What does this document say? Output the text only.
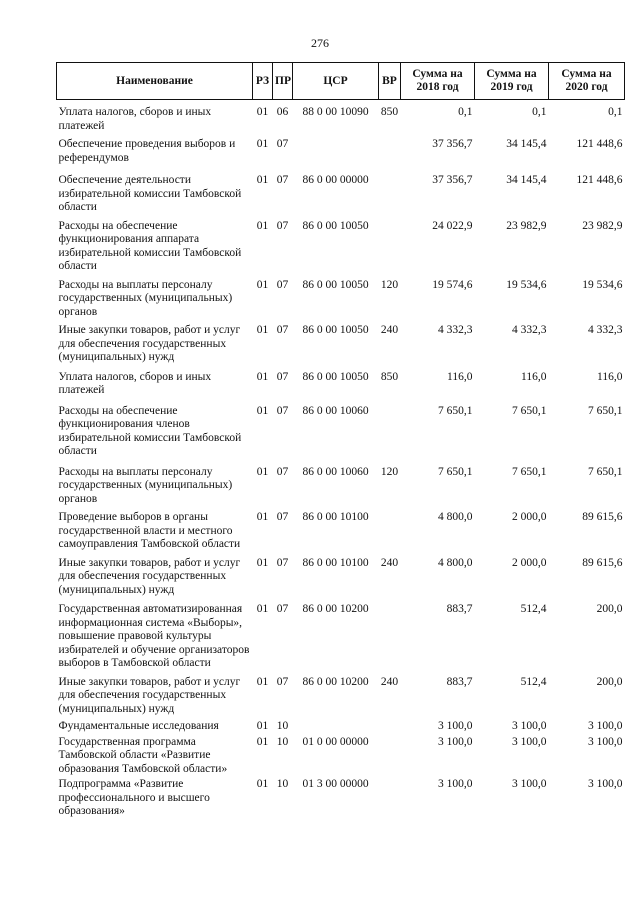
276
Наименование	РЗ	ПР	ЦСР	ВР	Сумма на 2018 год	Сумма на 2019 год	Сумма на 2020 год
Уплата налогов, сборов и иных платежей	01	06	88 0 00 10090	850	0,1	0,1	0,1
Обеспечение проведения выборов и референдумов	01	07			37 356,7	34 145,4	121 448,6
Обеспечение деятельности избирательной комиссии Тамбовской области	01	07	86 0 00 00000		37 356,7	34 145,4	121 448,6
Расходы на обеспечение функционирования аппарата избирательной комиссии Тамбовской области	01	07	86 0 00 10050		24 022,9	23 982,9	23 982,9
Расходы на выплаты персоналу государственных (муниципальных) органов	01	07	86 0 00 10050	120	19 574,6	19 534,6	19 534,6
Иные закупки товаров, работ и услуг для обеспечения государственных (муниципальных) нужд	01	07	86 0 00 10050	240	4 332,3	4 332,3	4 332,3
Уплата налогов, сборов и иных платежей	01	07	86 0 00 10050	850	116,0	116,0	116,0
Расходы на обеспечение функционирования членов избирательной комиссии Тамбовской области	01	07	86 0 00 10060		7 650,1	7 650,1	7 650,1
Расходы на выплаты персоналу государственных (муниципальных) органов	01	07	86 0 00 10060	120	7 650,1	7 650,1	7 650,1
Проведение выборов в органы государственной власти и местного самоуправления Тамбовской области	01	07	86 0 00 10100		4 800,0	2 000,0	89 615,6
Иные закупки товаров, работ и услуг для обеспечения государственных (муниципальных) нужд	01	07	86 0 00 10100	240	4 800,0	2 000,0	89 615,6
Государственная автоматизированная информационная система «Выборы», повышение правовой культуры избирателей и обучение организаторов выборов в Тамбовской области	01	07	86 0 00 10200		883,7	512,4	200,0
Иные закупки товаров, работ и услуг для обеспечения государственных (муниципальных) нужд	01	07	86 0 00 10200	240	883,7	512,4	200,0
Фундаментальные исследования	01	10			3 100,0	3 100,0	3 100,0
Государственная программа Тамбовской области «Развитие образования Тамбовской области»	01	10	01 0 00 00000		3 100,0	3 100,0	3 100,0
Подпрограмма «Развитие профессионального и высшего образования»	01	10	01 3 00 00000		3 100,0	3 100,0	3 100,0
